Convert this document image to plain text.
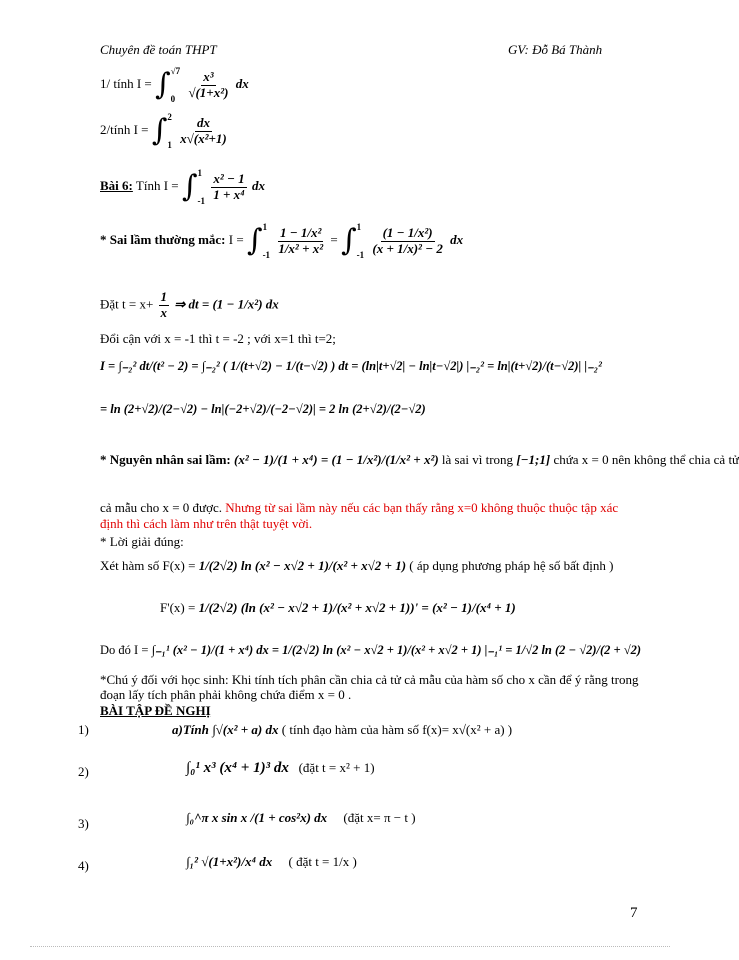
Chuyên đề toán THPT	GV: Đỗ Bá Thành
1/ tính I = ∫ √7
0
$\frac{\text{x³}}{\text{√(1+x²)}}$ dx
2/tính I = ∫ 2
1
$\frac{dx}{\text{x√(x²+1)}}$
Bài 6: Tính I = ∫ 1
-1
$\frac{\text{x² − 1}}{\text{1 + x⁴}}$ dx
* Sai lầm thường mắc: I = ∫ 1
-1
$\frac{\text{1 − 1/x²}}{\text{1/x² + x²}}$ = ∫ 1
-1
$\frac{\text{(1 − 1/x²)}}{\text{(x + 1/x)² − 2}}$ dx
Đặt $t = x+ \frac{1}{x}$ ⇒ dt = (1 − 1/x²) dx
Đổi cận với x = -1 thì t = -2 ; với x=1 thì t=2;
I = ∫₋₂² dt/(t² − 2) = ∫₋₂² ( 1/(t+√2) − 1/(t−√2) ) dt = (ln|t+√2| − ln|t−√2|) |₋₂² = ln|(t+√2)/(t−√2)| |₋₂²
= ln (2+√2)/(2−√2) − ln|(−2+√2)/(−2−√2)| = 2 ln (2+√2)/(2−√2)
* Nguyên nhân sai lầm: (x² − 1)/(1 + x⁴) = (1 − 1/x²)/(1/x² + x²) là sai vì trong [−1;1] chứa x = 0 nên không thể chia cả tử
cả mẫu cho x = 0 được. Nhưng từ sai lầm này nếu các bạn thấy rằng x=0 không thuộc thuộc tập xác định thì cách làm như trên thật tuyệt vời.
* Lời giải đúng:
Xét hàm số F(x) = 1/(2√2) ln (x² − x√2 + 1)/(x² + x√2 + 1) ( áp dụng phương pháp hệ số bất định )
F'(x) = 1/(2√2) (ln (x² − x√2 + 1)/(x² + x√2 + 1))' = (x² − 1)/(x⁴ + 1)
Do đó I = ∫₋₁¹ (x² − 1)/(1 + x⁴) dx = 1/(2√2) ln (x² − x√2 + 1)/(x² + x√2 + 1) |₋₁¹ = 1/√2 ln (2 − √2)/(2 + √2)
*Chú ý đối với học sinh: Khi tính tích phân cần chia cả tử cả mẫu của hàm số cho x cần để ý rằng trong đoạn lấy tích phân phải không chứa điểm x = 0 .
BÀI TẬP ĐỀ NGHỊ
1)	a)Tính ∫√(x² + a) dx ( tính đạo hàm của hàm số f(x)= x√(x² + a) )
2)	∫₀¹ x³ (x⁴ + 1)³ dx (đặt t = x² + 1)
3)	∫₀^π x sin x /(1 + cos²x) dx (đặt x= π − t )
4)	∫₁² √(1+x²)/x⁴ dx ( đặt t = 1/x )
7
